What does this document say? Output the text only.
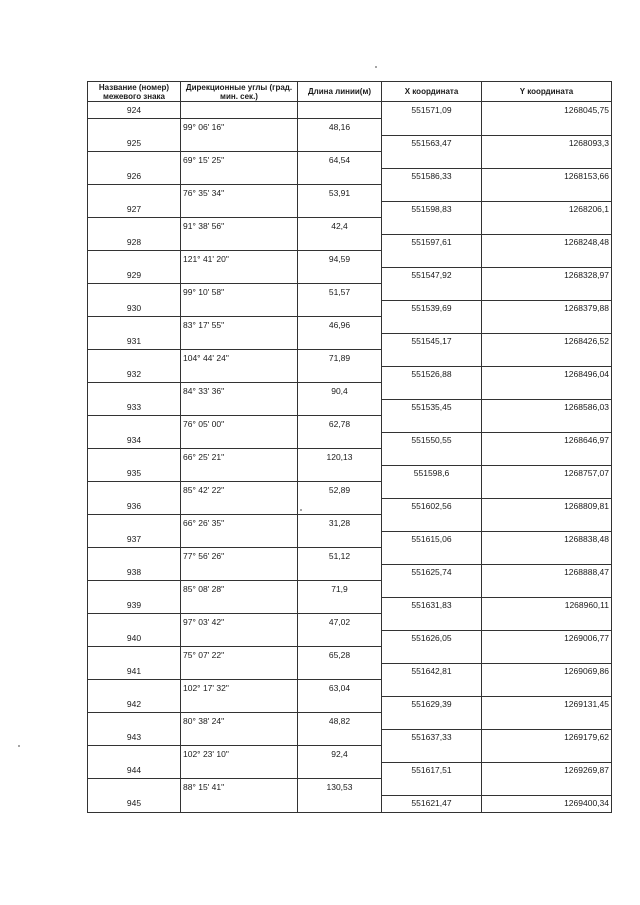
Название (номер) межевого знака	Дирекционные углы (град. мин. сек.)	Длина линии(м)	X координата	Y координата
924			551571,09	1268045,75
	99° 06' 16"	48,16		
925			551563,47	1268093,3
	69° 15' 25"	64,54		
926			551586,33	1268153,66
	76° 35' 34"	53,91		
927			551598,83	1268206,1
	91° 38' 56"	42,4		
928			551597,61	1268248,48
	121° 41' 20"	94,59		
929			551547,92	1268328,97
	99° 10' 58"	51,57		
930			551539,69	1268379,88
	83° 17' 55"	46,96		
931			551545,17	1268426,52
	104° 44' 24"	71,89		
932			551526,88	1268496,04
	84° 33' 36"	90,4		
933			551535,45	1268586,03
	76° 05' 00"	62,78		
934			551550,55	1268646,97
	66° 25' 21"	120,13		
935			551598,6	1268757,07
	85° 42' 22"	52,89		
936			551602,56	1268809,81
	66° 26' 35"	31,28		
937			551615,06	1268838,48
	77° 56' 26"	51,12		
938			551625,74	1268888,47
	85° 08' 28"	71,9		
939			551631,83	1268960,11
	97° 03' 42"	47,02		
940			551626,05	1269006,77
	75° 07' 22"	65,28		
941			551642,81	1269069,86
	102° 17' 32"	63,04		
942			551629,39	1269131,45
	80° 38' 24"	48,82		
943			551637,33	1269179,62
	102° 23' 10"	92,4		
944			551617,51	1269269,87
	88° 15' 41"	130,53		
945			551621,47	1269400,34
